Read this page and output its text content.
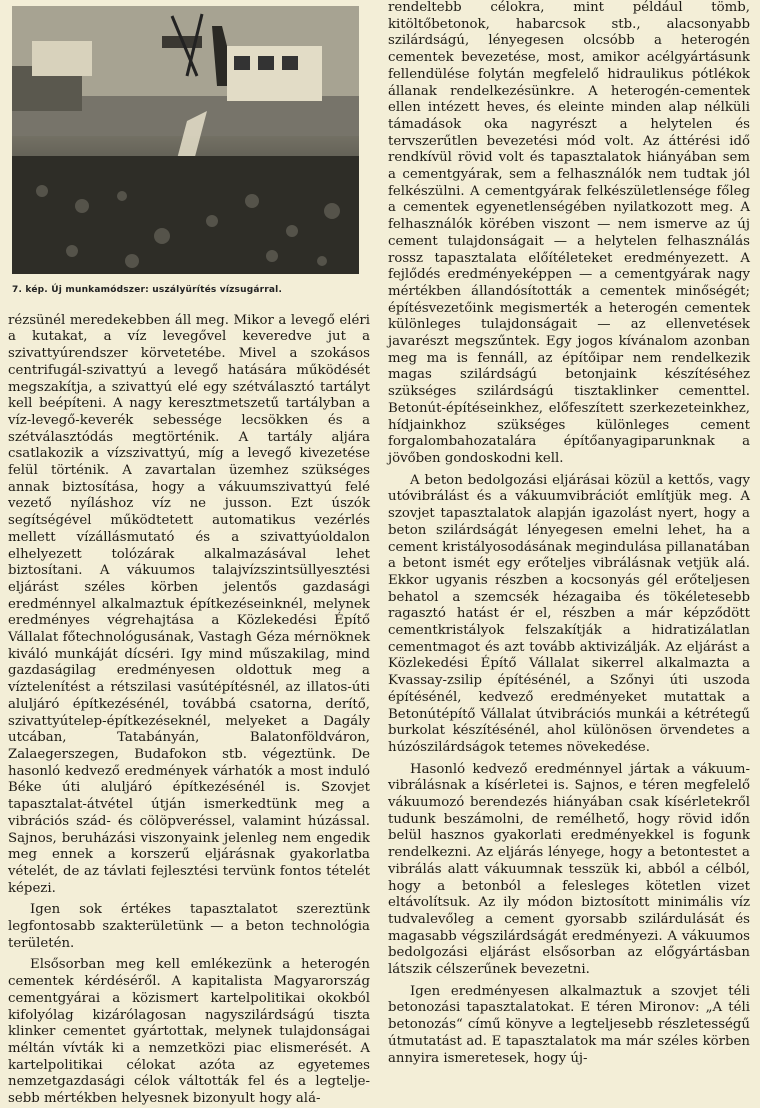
7. kép. Új munkamódszer: uszályürítés vízsugárral.

rézsünél meredekebben áll meg. Mikor a levegő eléri a kutakat, a víz levegővel keveredve jut a szivattyúrendszer körvetetébe. Mivel a szokásos centrifugál-szivattyú a levegő hatására működését megszakítja, a szivattyú elé egy szétválasztó tartályt kell beépíteni. A nagy keresztmetszetű tartályban a víz-levegő-keverék sebessége lecsökken és a szétválasztódás megtörténik. A tartály aljára csatlakozik a vízszivattyú, míg a levegő kivezetése felül történik. A zavartalan üzemhez szükséges annak biztosítása, hogy a vákuumszivattyú felé vezető nyíláshoz víz ne jusson. Ezt úszók segítségével működtetett automatikus vezérlés mellett vízállásmutató és a szivattyúoldalon elhelyezett tolózárak alkalmazásával lehet biztosítani. A vákuumos talajvízszintsüllyesztési eljárást széles körben jelentős gazdasági eredménnyel alkalmaztuk építkezéseinknél, melynek eredményes végrehajtása a Közlekedési Építő Vállalat főtechnológusának, Vastagh Géza mérnöknek kiváló munkáját dícséri. Igy mind műszakilag, mind gazdaságilag eredményesen oldottuk meg a víztelenítést a rétszilasi vasútépítésnél, az illatos-úti aluljáró építkezésénél, továbbá csatorna, derítő, szivattyútelep-építkezéseknél, melyeket a Dagály utcában, Tatabányán, Balatonföldváron, Zalaegerszegen, Budafokon stb. végeztünk. De hasonló kedvező eredmények várhatók a most induló Béke úti aluljáró építkezésénél is. Szovjet tapasztalat-átvétel útján ismerkedtünk meg a vibrációs szád- és cölöpveréssel, valamint húzással. Sajnos, beruházási viszonyaink jelenleg nem engedik meg ennek a korszerű eljárásnak gyakorlatba vételét, de az távlati fejlesztési tervünk fontos tételét képezi.

Igen sok értékes tapasztalatot szereztünk legfontosabb szakterületünk — a beton technológia területén.

Elsősorban meg kell emlékezünk a heterogén cementek kérdéséről. A kapitalista Magyarország cementgyárai a közismert kartelpolitikai okokból kifolyólag kizárólagosan nagyszilárdságú tiszta klinker cementet gyártottak, melynek tulajdonságai méltán vívták ki a nemzetközi piac elismerését. A kartelpolitikai célokat azóta az egyetemes nemzetgazdasági célok váltották fel és a legtelje-sebb mértékben helyesnek bizonyult hogy alá-

rendeltebb célokra, mint például tömb, kitöltőbetonok, habarcsok stb., alacsonyabb szilárdságú, lényegesen olcsóbb a heterogén cementek bevezetése, most, amikor acélgyártásunk fellendülése folytán megfelelő hidraulikus pótlékok állanak rendelkezésünkre. A heterogén-cementek ellen intézett heves, és eleinte minden alap nélküli támadások oka nagyrészt a helytelen és tervszerűtlen bevezetési mód volt. Az áttérési idő rendkívül rövid volt és tapasztalatok hiányában sem a cementgyárak, sem a felhasználók nem tudtak jól felkészülni. A cementgyárak felkészületlensége főleg a cementek egyenetlenségében nyilatkozott meg. A felhasználók körében viszont — nem ismerve az új cement tulajdonságait — a helytelen felhasználás rossz tapasztalata előítéleteket eredményezett. A fejlődés eredményeképpen — a cementgyárak nagy mértékben állandósították a cementek minőségét; építésvezetőink megismerték a heterogén cementek különleges tulajdonságait — az ellenvetések javarészt megszűntek. Egy jogos kívánalom azonban meg ma is fennáll, az építőipar nem rendelkezik magas szilárdságú betonjaink készítéséhez szükséges szilárdságú tisztaklinker cementtel. Betonút-építéseinkhez, előfeszített szerkezeteinkhez, hídjainkhoz szükséges különleges cement forgalombahozatalára építőanyagiparunknak a jövőben gondoskodni kell.

A beton bedolgozási eljárásai közül a kettős, vagy utóvibrálást és a vákuumvibrációt említjük meg. A szovjet tapasztalatok alapján igazolást nyert, hogy a beton szilárdságát lényegesen emelni lehet, ha a cement kristályosodásának megindulása pillanatában a betont ismét egy erőteljes vibrálásnak vetjük alá. Ekkor ugyanis részben a kocsonyás gél erőteljesen behatol a szemcsék hézagaiba és tökéletesebb ragasztó hatást ér el, részben a már képződött cementkristályok felszakítják a hidratizálatlan cementmagot és azt tovább aktivizálják. Az eljárást a Közlekedési Építő Vállalat sikerrel alkalmazta a Kvassay-zsilip építésénél, a Szőnyi úti uszoda építésénél, kedvező eredményeket mutattak a Betonútépítő Vállalat útvibrációs munkái a kétrétegű burkolat készítésénél, ahol különösen örvendetes a húzószilárdságok tetemes növekedése.

Hasonló kedvező eredménnyel jártak a vákuum-vibrálásnak a kísérletei is. Sajnos, e téren megfelelő vákuumozó berendezés hiányában csak kísérletekről tudunk beszámolni, de remélhető, hogy rövid időn belül hasznos gyakorlati eredményekkel is fogunk rendelkezni. Az eljárás lényege, hogy a betontestet a vibrálás alatt vákuumnak tesszük ki, abból a célból, hogy a betonból a felesleges kötetlen vizet eltávolítsuk. Az ily módon biztosított minimális víz tudvalevőleg a cement gyorsabb szilárdulását és magasabb végszilárdságát eredményezi. A vákuumos bedolgozási eljárást elsősorban az előgyártásban látszik célszerűnek bevezetni.

Igen eredményesen alkalmaztuk a szovjet téli betonozási tapasztalatokat. E téren Mironov: „A téli betonozás“ című könyve a legteljesebb részletességű útmutatást ad. E tapasztalatok ma már széles körben annyira ismeretesek, hogy új-
